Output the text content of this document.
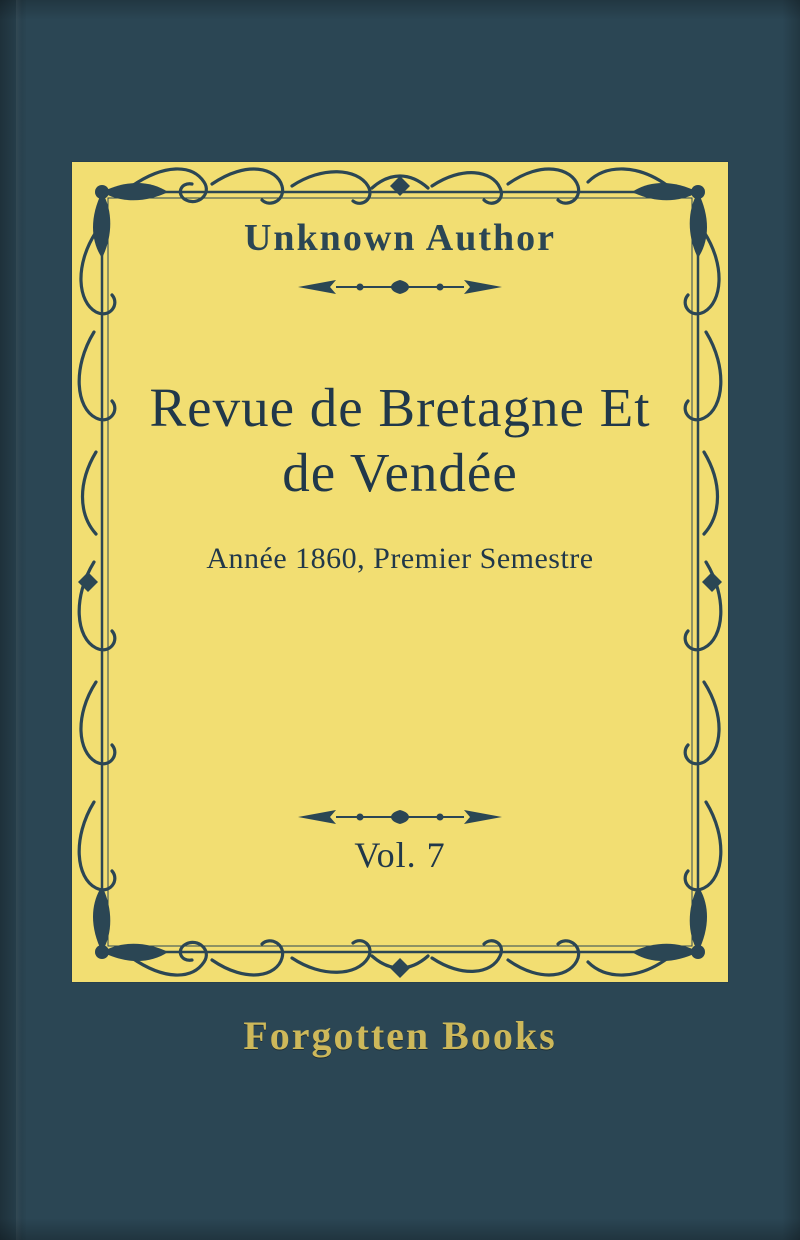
Unknown Author
Revue de Bretagne Et de Vendée
Année 1860, Premier Semestre
Vol. 7
Forgotten Books
